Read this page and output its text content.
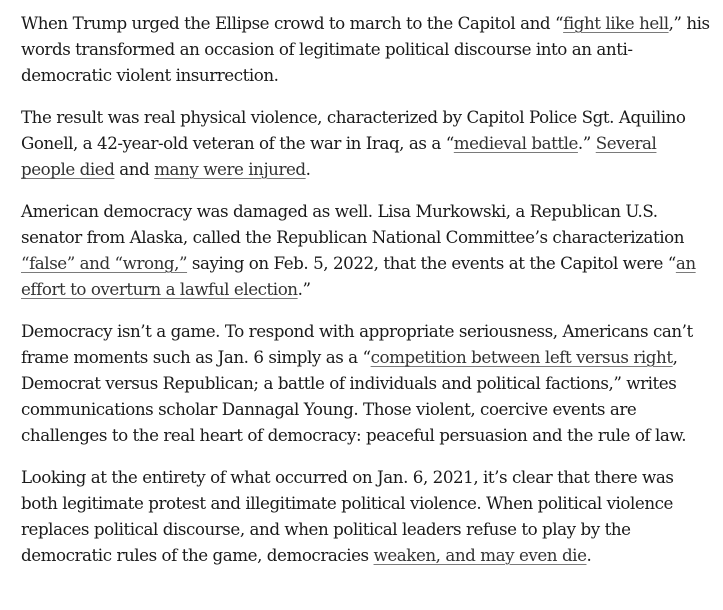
When Trump urged the Ellipse crowd to march to the Capitol and “fight like hell,” his words transformed an occasion of legitimate political discourse into an anti-democratic violent insurrection.

The result was real physical violence, characterized by Capitol Police Sgt. Aquilino Gonell, a 42-year-old veteran of the war in Iraq, as a “medieval battle.” Several people died and many were injured.

American democracy was damaged as well. Lisa Murkowski, a Republican U.S. senator from Alaska, called the Republican National Committee’s characterization “false” and “wrong,” saying on Feb. 5, 2022, that the events at the Capitol were “an effort to overturn a lawful election.”

Democracy isn’t a game. To respond with appropriate seriousness, Americans can’t frame moments such as Jan. 6 simply as a “competition between left versus right, Democrat versus Republican; a battle of individuals and political factions,” writes communications scholar Dannagal Young. Those violent, coercive events are challenges to the real heart of democracy: peaceful persuasion and the rule of law.

Looking at the entirety of what occurred on Jan. 6, 2021, it’s clear that there was both legitimate protest and illegitimate political violence. When political violence replaces political discourse, and when political leaders refuse to play by the democratic rules of the game, democracies weaken, and may even die.
